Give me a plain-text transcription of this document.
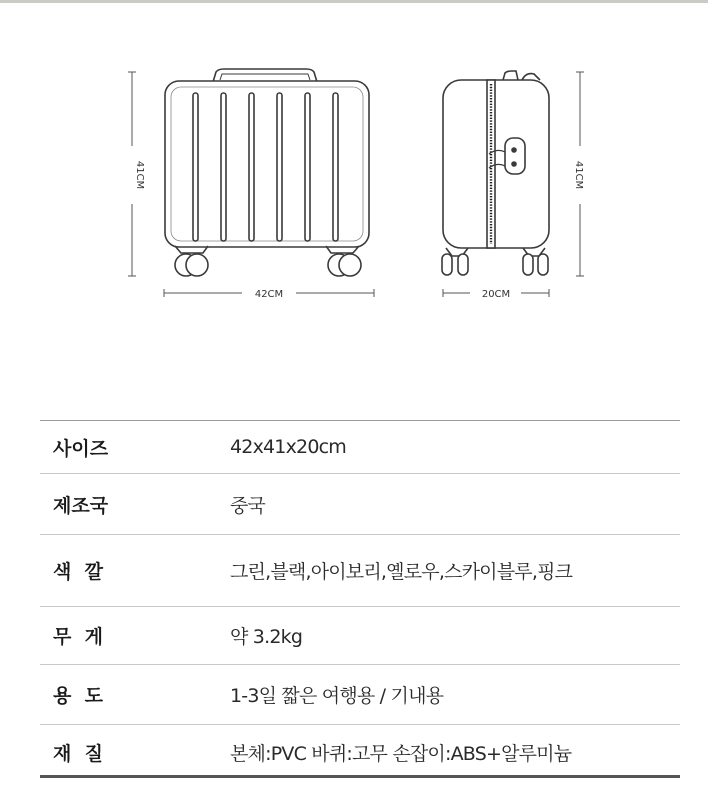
41CM
42CM
41CM
20CM
사이즈	42x41x20cm
제조국	중국
색  깔	그린,블랙,아이보리,옐로우,스카이블루,핑크
무  게	약 3.2kg
용  도	1-3일 짧은 여행용 / 기내용
재  질	본체:PVC 바퀴:고무 손잡이:ABS+알루미늄
